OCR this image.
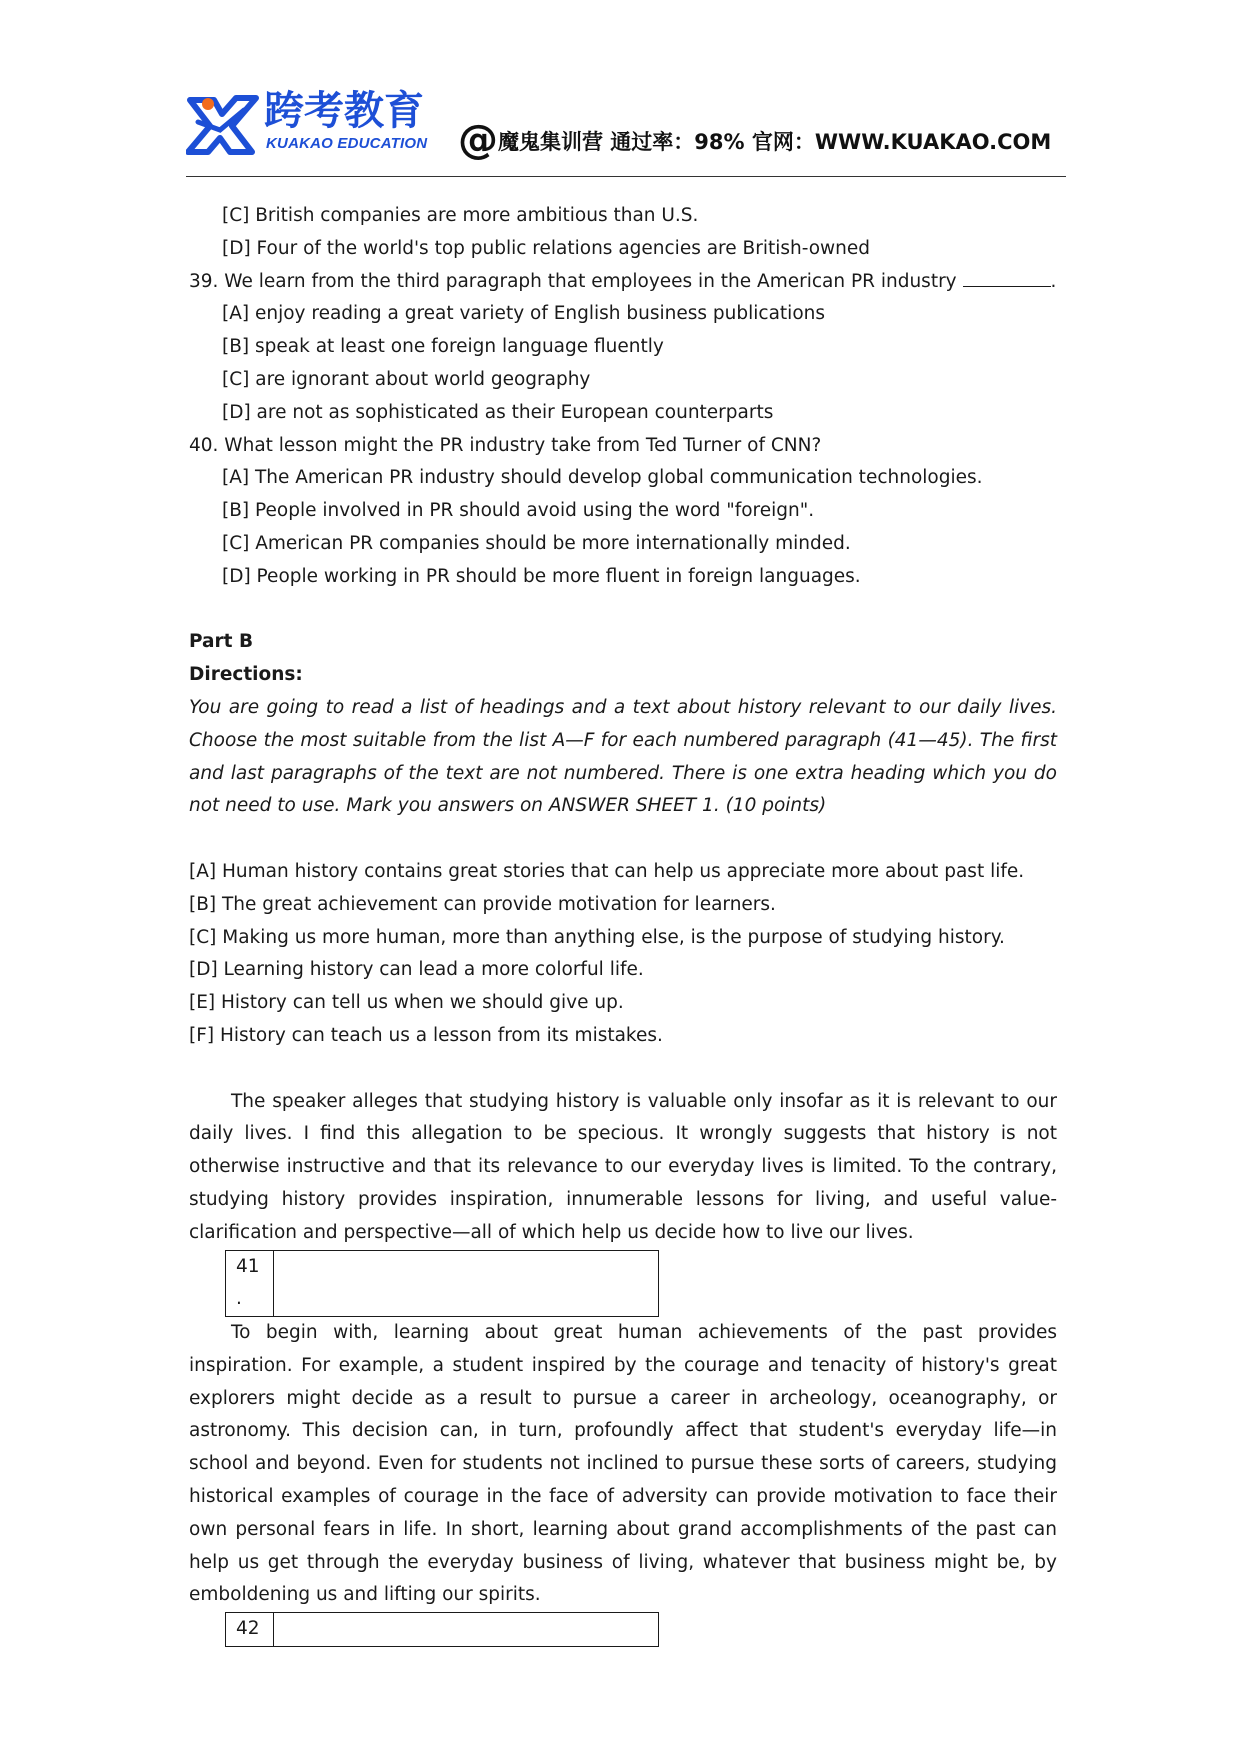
跨考教育
KUAKAO EDUCATION @魔鬼集训营 通过率：98% 官网：WWW.KUAKAO.COM
[C] British companies are more ambitious than U.S.
[D] Four of the world's top public relations agencies are British-owned
39. We learn from the third paragraph that employees in the American PR industry	.
[A] enjoy reading a great variety of English business publications
[B] speak at least one foreign language fluently
[C] are ignorant about world geography
[D] are not as sophisticated as their European counterparts
40. What lesson might the PR industry take from Ted Turner of CNN?
[A] The American PR industry should develop global communication technologies.
[B] People involved in PR should avoid using the word "foreign".
[C] American PR companies should be more internationally minded.
[D] People working in PR should be more fluent in foreign languages.
Part B
Directions:
You are going to read a list of headings and a text about history relevant to our daily lives. Choose the most suitable from the list A—F for each numbered paragraph (41—45). The first and last paragraphs of the text are not numbered. There is one extra heading which you do not need to use. Mark you answers on ANSWER SHEET 1. (10 points)
[A] Human history contains great stories that can help us appreciate more about past life.
[B] The great achievement can provide motivation for learners.
[C] Making us more human, more than anything else, is the purpose of studying history.
[D] Learning history can lead a more colorful life.
[E] History can tell us when we should give up.
[F] History can teach us a lesson from its mistakes.
The speaker alleges that studying history is valuable only insofar as it is relevant to our daily lives. I find this allegation to be specious. It wrongly suggests that history is not otherwise instructive and that its relevance to our everyday lives is limited. To the contrary, studying history provides inspiration, innumerable lessons for living, and useful value-clarification and perspective—all of which help us decide how to live our lives.
41
.
To begin with, learning about great human achievements of the past provides inspiration. For example, a student inspired by the courage and tenacity of history's great explorers might decide as a result to pursue a career in archeology, oceanography, or astronomy. This decision can, in turn, profoundly affect that student's everyday life—in school and beyond. Even for students not inclined to pursue these sorts of careers, studying historical examples of courage in the face of adversity can provide motivation to face their own personal fears in life. In short, learning about grand accomplishments of the past can help us get through the everyday business of living, whatever that business might be, by emboldening us and lifting our spirits.
42
